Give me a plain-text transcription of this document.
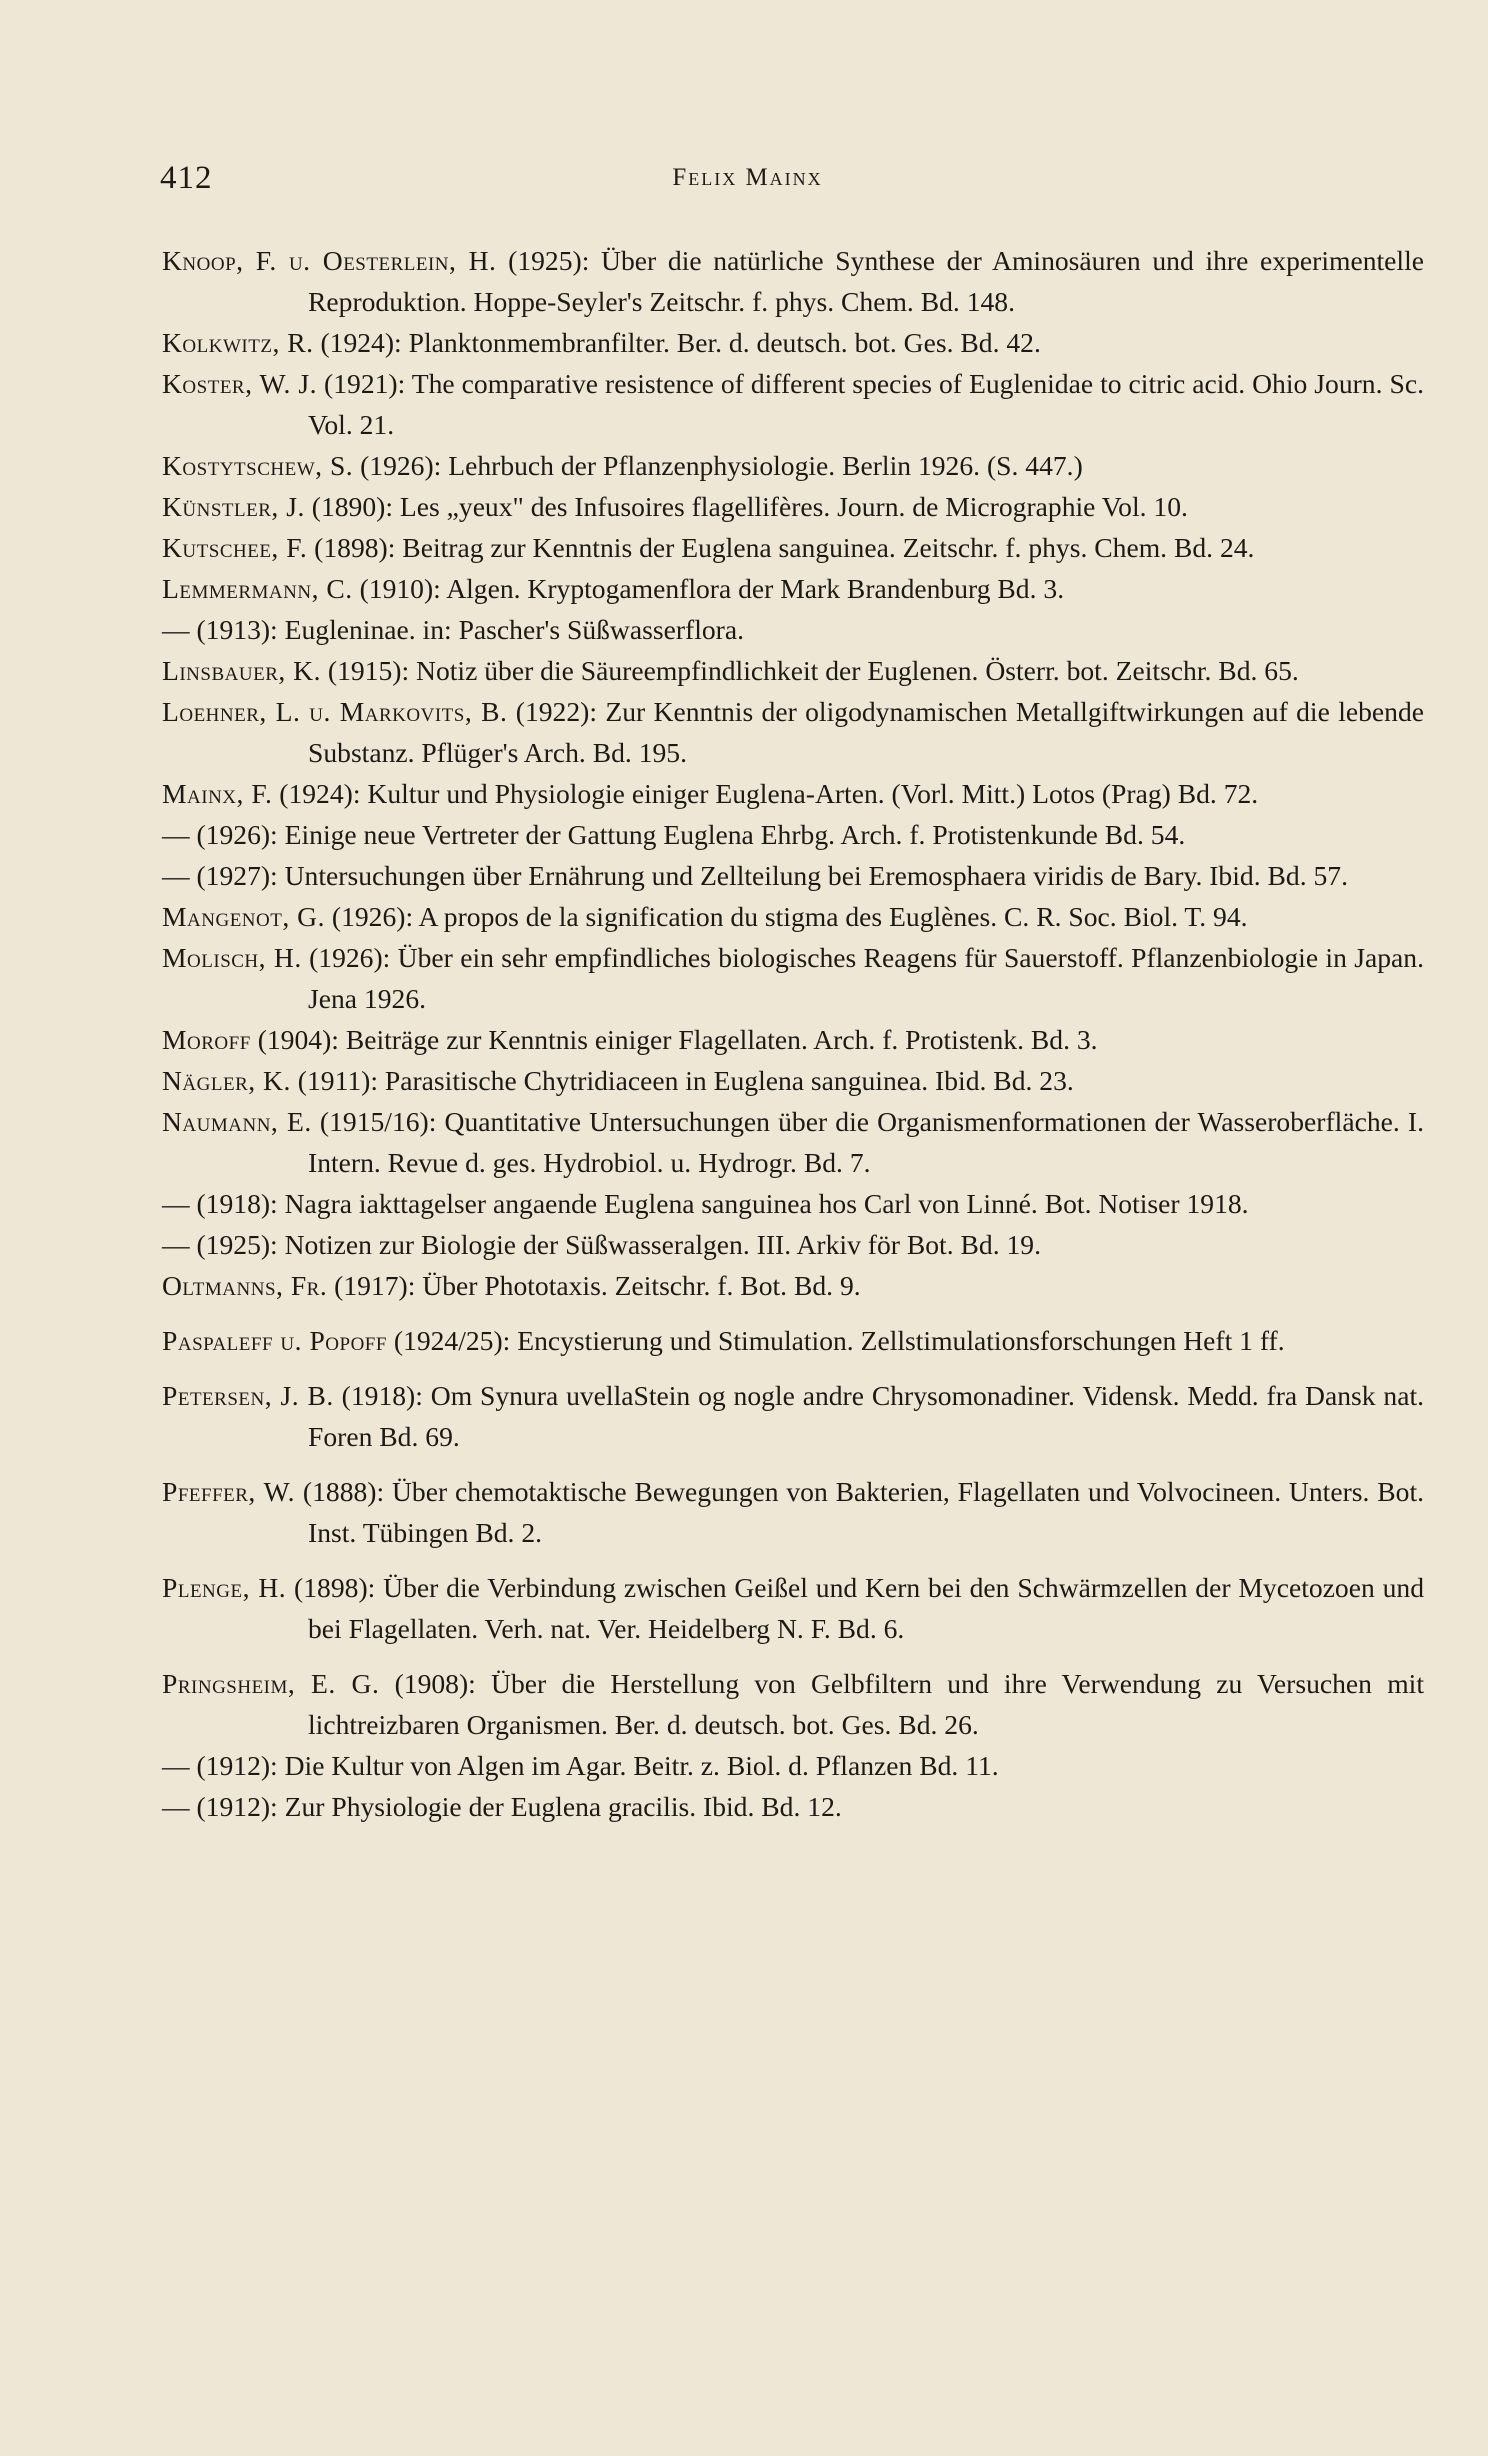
412	Felix Mainx

Knoop, F. u. Oesterlein, H. (1925): Über die natürliche Synthese der Aminosäuren und ihre experimentelle Reproduktion. Hoppe-Seyler's Zeitschr. f. phys. Chem. Bd. 148.

Kolkwitz, R. (1924): Planktonmembranfilter. Ber. d. deutsch. bot. Ges. Bd. 42.

Koster, W. J. (1921): The comparative resistence of different species of Euglenidae to citric acid. Ohio Journ. Sc. Vol. 21.

Kostytschew, S. (1926): Lehrbuch der Pflanzenphysiologie. Berlin 1926. (S. 447.)

Künstler, J. (1890): Les „yeux" des Infusoires flagellifères. Journ. de Micrographie Vol. 10.

Kutschee, F. (1898): Beitrag zur Kenntnis der Euglena sanguinea. Zeitschr. f. phys. Chem. Bd. 24.

Lemmermann, C. (1910): Algen. Kryptogamenflora der Mark Brandenburg Bd. 3.

— (1913): Eugleninae. in: Pascher's Süßwasserflora.

Linsbauer, K. (1915): Notiz über die Säureempfindlichkeit der Euglenen. Österr. bot. Zeitschr. Bd. 65.

Loehner, L. u. Markovits, B. (1922): Zur Kenntnis der oligodynamischen Metallgiftwirkungen auf die lebende Substanz. Pflüger's Arch. Bd. 195.

Mainx, F. (1924): Kultur und Physiologie einiger Euglena-Arten. (Vorl. Mitt.) Lotos (Prag) Bd. 72.

— (1926): Einige neue Vertreter der Gattung Euglena Ehrbg. Arch. f. Protistenkunde Bd. 54.

— (1927): Untersuchungen über Ernährung und Zellteilung bei Eremosphaera viridis de Bary. Ibid. Bd. 57.

Mangenot, G. (1926): A propos de la signification du stigma des Euglènes. C. R. Soc. Biol. T. 94.

Molisch, H. (1926): Über ein sehr empfindliches biologisches Reagens für Sauerstoff. Pflanzenbiologie in Japan. Jena 1926.

Moroff (1904): Beiträge zur Kenntnis einiger Flagellaten. Arch. f. Protistenk. Bd. 3.

Nägler, K. (1911): Parasitische Chytridiaceen in Euglena sanguinea. Ibid. Bd. 23.

Naumann, E. (1915/16): Quantitative Untersuchungen über die Organismenformationen der Wasseroberfläche. I. Intern. Revue d. ges. Hydrobiol. u. Hydrogr. Bd. 7.

— (1918): Nagra iakttagelser angaende Euglena sanguinea hos Carl von Linné. Bot. Notiser 1918.

— (1925): Notizen zur Biologie der Süßwasseralgen. III. Arkiv för Bot. Bd. 19.

Oltmanns, Fr. (1917): Über Phototaxis. Zeitschr. f. Bot. Bd. 9.

Paspaleff u. Popoff (1924/25): Encystierung und Stimulation. Zellstimulationsforschungen Heft 1 ff.

Petersen, J. B. (1918): Om Synura uvellaStein og nogle andre Chrysomonadiner. Vidensk. Medd. fra Dansk nat. Foren Bd. 69.

Pfeffer, W. (1888): Über chemotaktische Bewegungen von Bakterien, Flagellaten und Volvocineen. Unters. Bot. Inst. Tübingen Bd. 2.

Plenge, H. (1898): Über die Verbindung zwischen Geißel und Kern bei den Schwärmzellen der Mycetozoen und bei Flagellaten. Verh. nat. Ver. Heidelberg N. F. Bd. 6.

Pringsheim, E. G. (1908): Über die Herstellung von Gelbfiltern und ihre Verwendung zu Versuchen mit lichtreizbaren Organismen. Ber. d. deutsch. bot. Ges. Bd. 26.

— (1912): Die Kultur von Algen im Agar. Beitr. z. Biol. d. Pflanzen Bd. 11.

— (1912): Zur Physiologie der Euglena gracilis. Ibid. Bd. 12.
